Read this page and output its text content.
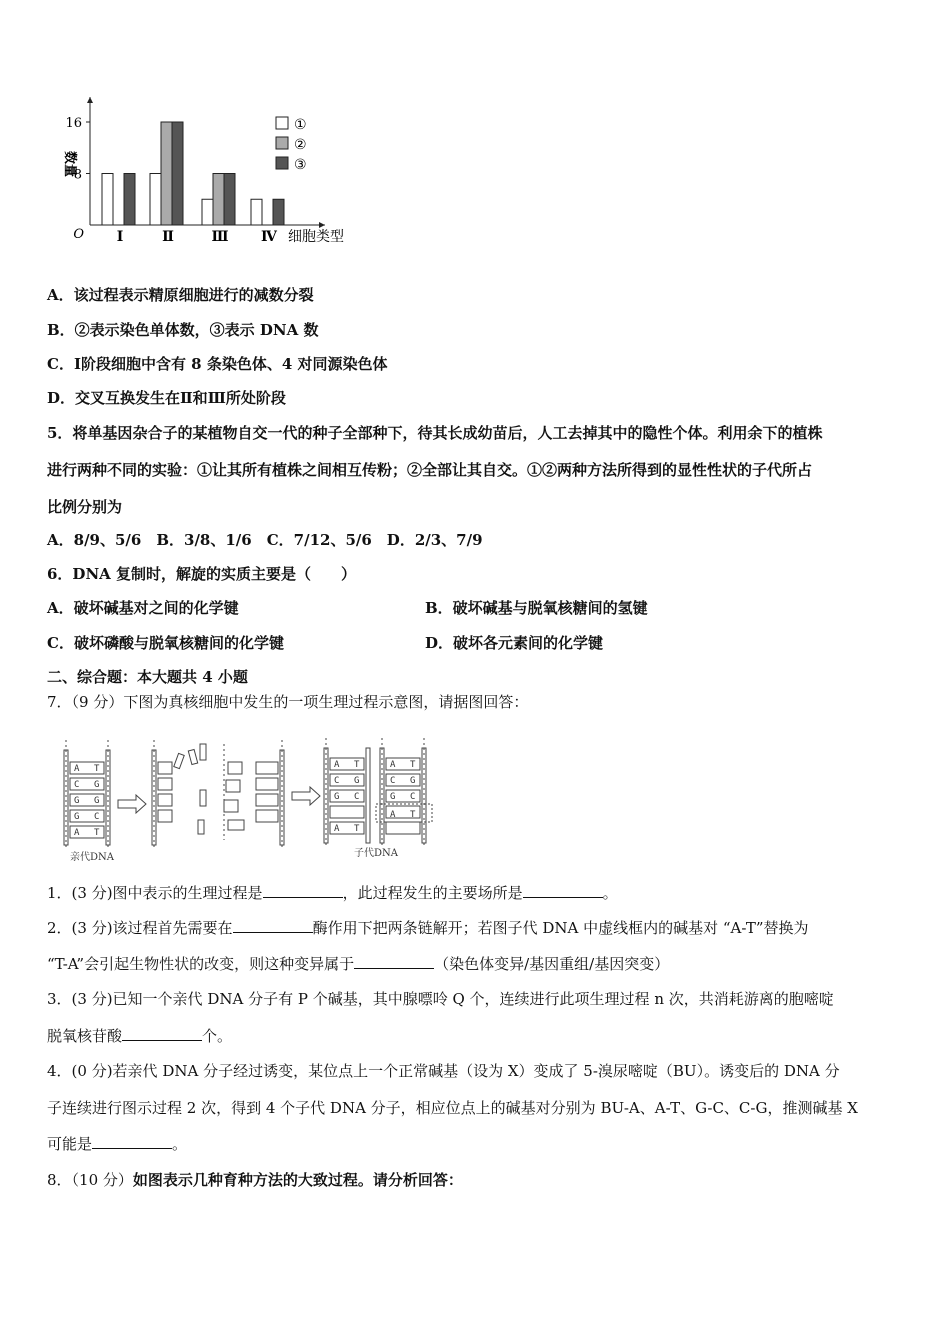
8
16
O
数量
细胞类型
Ⅰ	Ⅱ	Ⅲ Ⅳ
①
②
③
A．该过程表示精原细胞进行的减数分裂
B．②表示染色单体数，③表示 DNA 数
C．Ⅰ阶段细胞中含有 8 条染色体、4 对同源染色体
D．交叉互换发生在Ⅱ和Ⅲ所处阶段
5．将单基因杂合子的某植物自交一代的种子全部种下，待其长成幼苗后，人工去掉其中的隐性个体。利用余下的植株
进行两种不同的实验：①让其所有植株之间相互传粉；②全部让其自交。①②两种方法所得到的显性性状的子代所占
比例分别为
A．8/9、5/6　B．3/8、1/6　C．7/12、5/6　D．2/3、7/9
6．DNA 复制时，解旋的实质主要是（　　）
A．破坏碱基对之间的化学键	B．破坏碱基与脱氧核糖间的氢键
C．破坏磷酸与脱氧核糖间的化学键	D．破坏各元素间的化学键
二、综合题：本大题共 4 小题
7．（9 分）下图为真核细胞中发生的一项生理过程示意图，请据图回答：
A T
C G
G G
G C
A T
A T	A T
C G	C G
G C	G C
A T
A T
亲代DNA	子代DNA
1．(3 分)图中表示的生理过程是	，此过程发生的主要场所是	。
2．(3 分)该过程首先需要在	酶作用下把两条链解开；若图子代 DNA 中虚线框内的碱基对 “A-T”替换为
“T-A”会引起生物性状的改变，则这种变异属于	（染色体变异/基因重组/基因突变）
3．(3 分)已知一个亲代 DNA 分子有 P 个碱基，其中腺嘌呤 Q 个，连续进行此项生理过程 n 次，共消耗游离的胞嘧啶
脱氧核苷酸	个。
4．(0 分)若亲代 DNA 分子经过诱变，某位点上一个正常碱基（设为 X）变成了 5-溴尿嘧啶（BU）。诱变后的 DNA 分
子连续进行图示过程 2 次，得到 4 个子代 DNA 分子，相应位点上的碱基对分别为 BU-A、A-T、G-C、C-G，推测碱基 X
可能是	。
8．（10 分）如图表示几种育种方法的大致过程。请分析回答：
